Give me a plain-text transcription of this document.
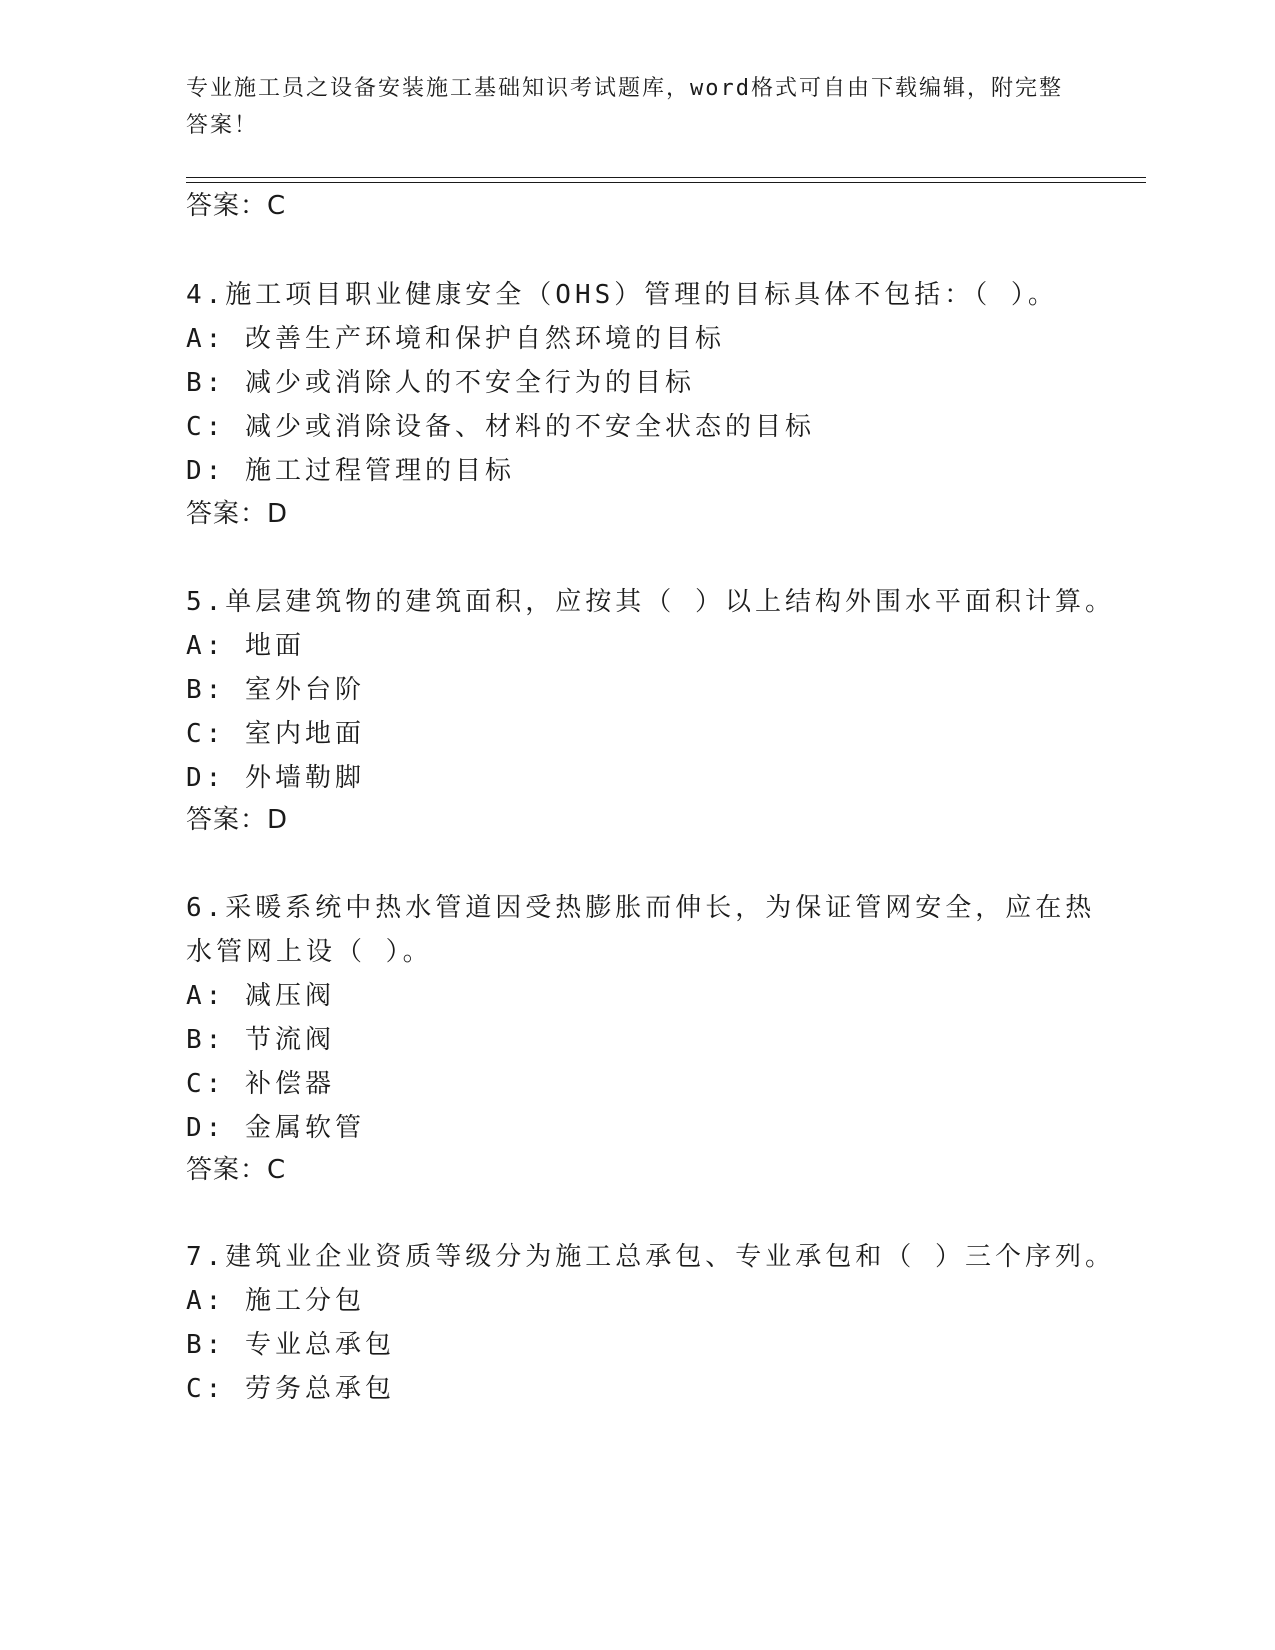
专业施工员之设备安装施工基础知识考试题库，word格式可自由下载编辑，附完整答案！
答案：C
4.施工项目职业健康安全（OHS）管理的目标具体不包括：（ ）。
A: 改善生产环境和保护自然环境的目标
B: 减少或消除人的不安全行为的目标
C: 减少或消除设备、材料的不安全状态的目标
D: 施工过程管理的目标
答案：D
5.单层建筑物的建筑面积，应按其（ ）以上结构外围水平面积计算。
A: 地面
B: 室外台阶
C: 室内地面
D: 外墙勒脚
答案：D
6.采暖系统中热水管道因受热膨胀而伸长，为保证管网安全，应在热
水管网上设（ ）。
A: 减压阀
B: 节流阀
C: 补偿器
D: 金属软管
答案：C
7.建筑业企业资质等级分为施工总承包、专业承包和（ ）三个序列。
A: 施工分包
B: 专业总承包
C: 劳务总承包
